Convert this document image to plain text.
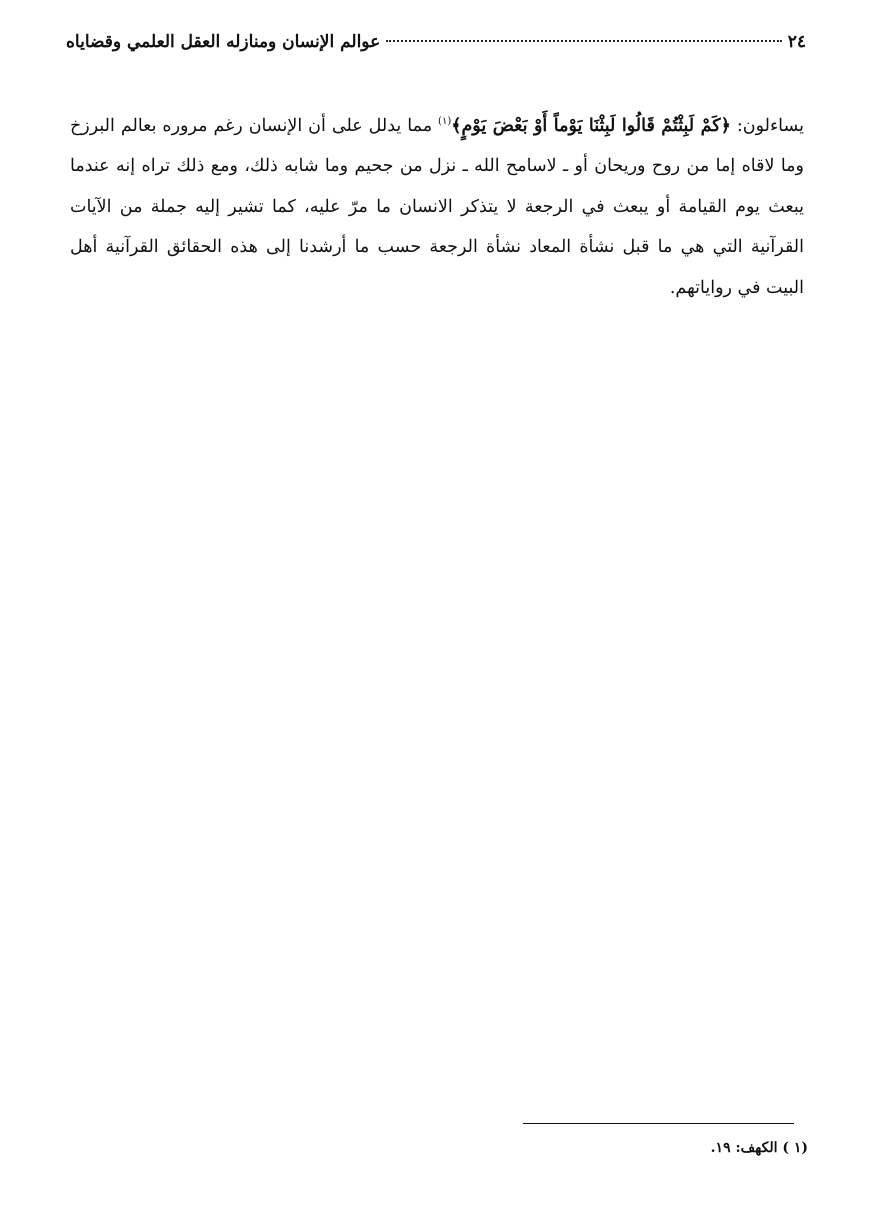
٢٤
عوالم الإنسان ومنازله العقل العلمي وقضاياه
يساءلون: ﴿كَمْ لَبِثْتُمْ قَالُوا لَبِثْنَا يَوْماً أَوْ بَعْضَ يَوْمٍ﴾$^{(١)}$ مما يدلل على أن الإنسان رغم مروره بعالم البرزخ وما لاقاه إما من روح وريحان أو ـ لاسامح الله ـ نزل من جحيم وما شابه ذلك، ومع ذلك تراه إنه عندما يبعث يوم القيامة أو يبعث في الرجعة لا يتذكر الانسان ما مرّ عليه، كما تشير إليه جملة من الآيات القرآنية التي هي ما قبل نشأة المعاد نشأة الرجعة حسب ما أرشدنا إلى هذه الحقائق القرآنية أهل البيت في رواياتهم.
(١ ) الكهف: ١٩.
